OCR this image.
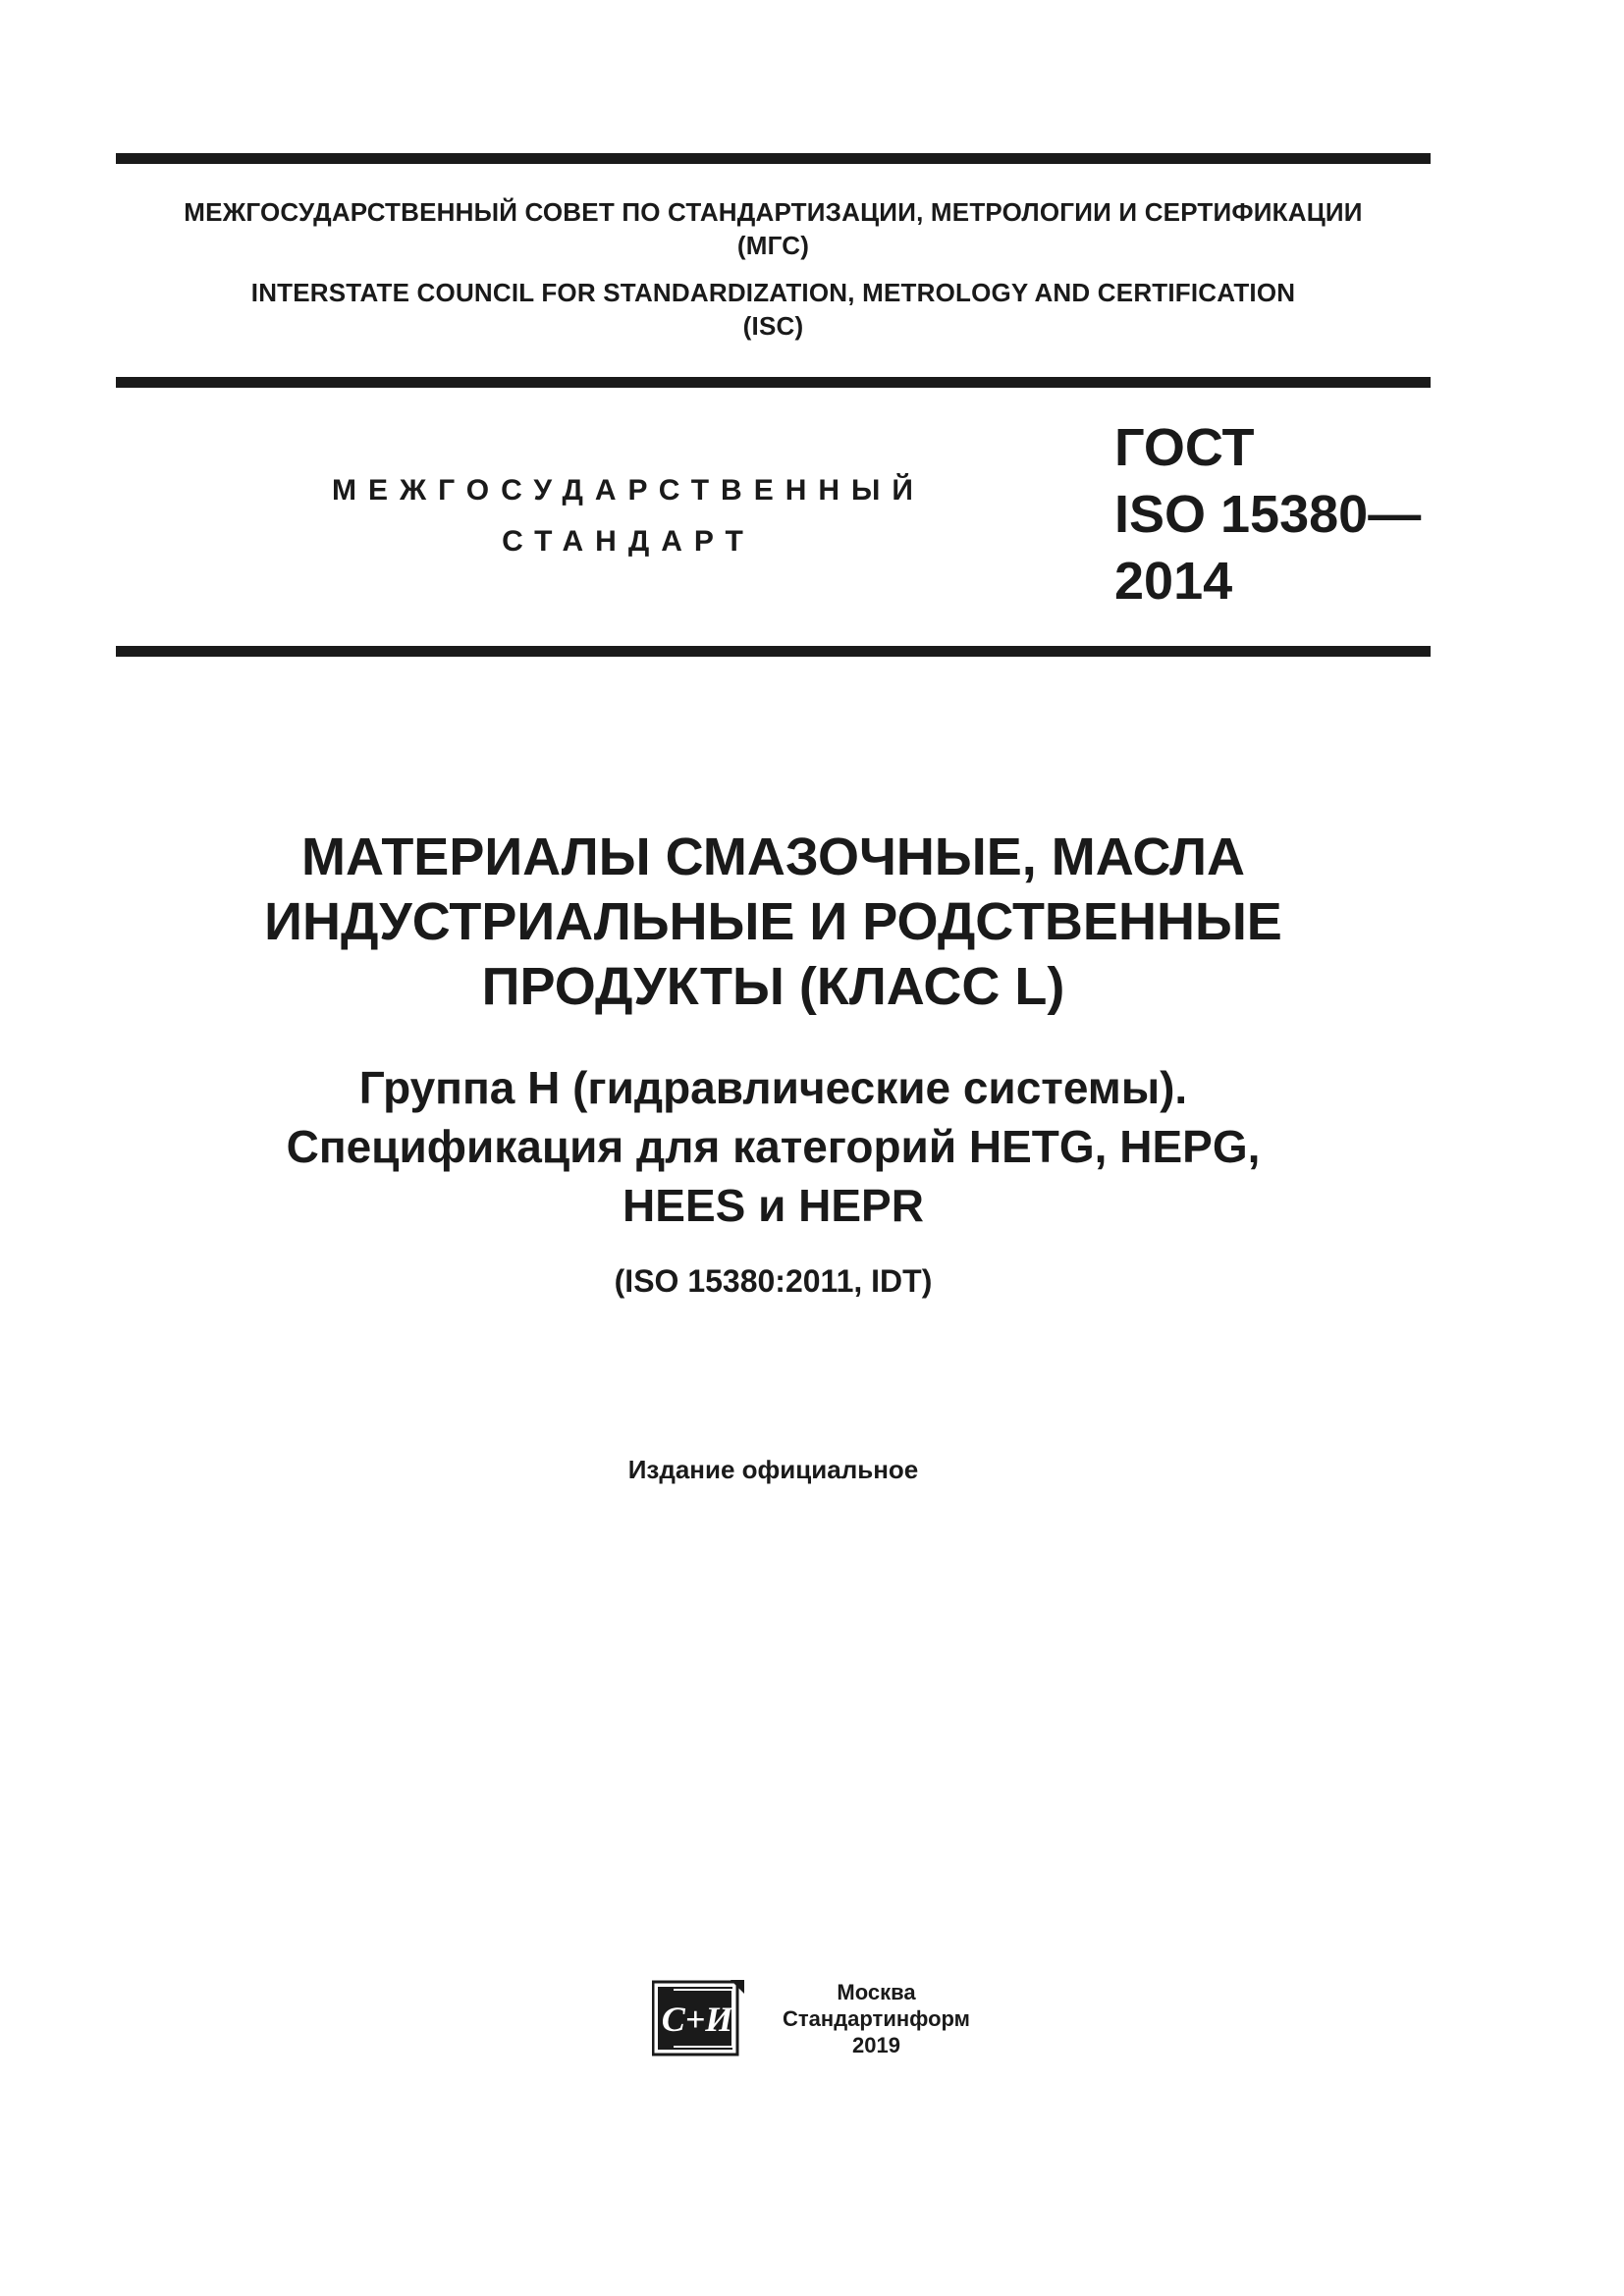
МЕЖГОСУДАРСТВЕННЫЙ СОВЕТ ПО СТАНДАРТИЗАЦИИ, МЕТРОЛОГИИ И СЕРТИФИКАЦИИ
(МГС)
INTERSTATE COUNCIL FOR STANDARDIZATION, METROLOGY AND CERTIFICATION
(ISC)
МЕЖГОСУДАРСТВЕННЫЙ
СТАНДАРТ
ГОСТ
ISO 15380—
2014
МАТЕРИАЛЫ СМАЗОЧНЫЕ, МАСЛА
ИНДУСТРИАЛЬНЫЕ И РОДСТВЕННЫЕ
ПРОДУКТЫ (КЛАСС L)
Группа H (гидравлические системы).
Спецификация для категорий HETG, HEPG,
HEES и HEPR
(ISO 15380:2011, IDT)
Издание официальное
С+И
Москва
Стандартинформ
2019
